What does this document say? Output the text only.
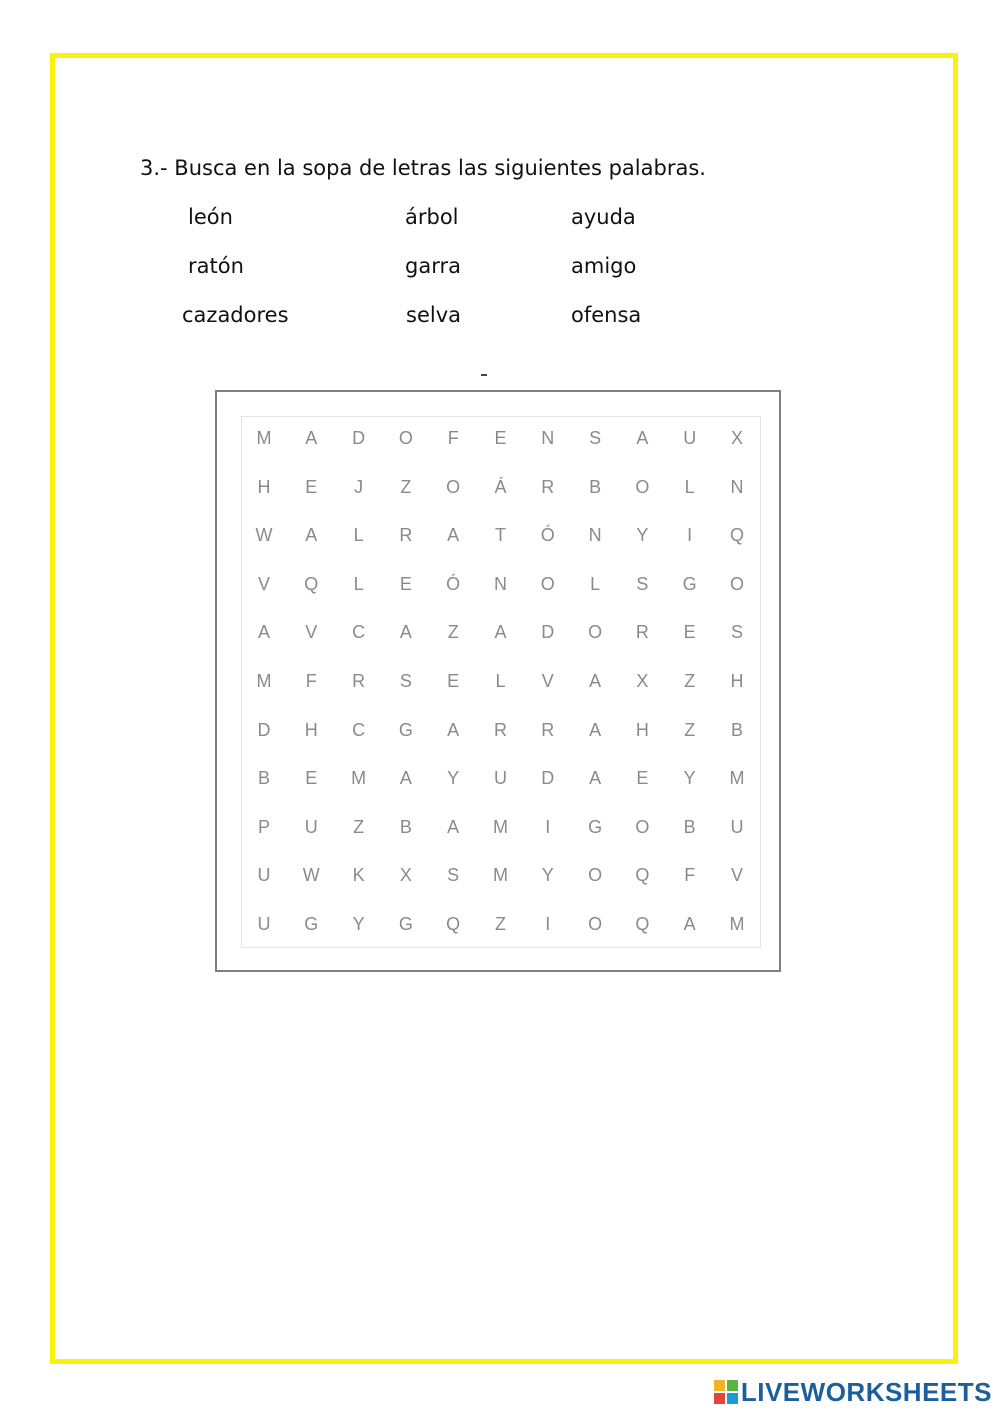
3.- Busca en la sopa de letras las siguientes palabras.
león	árbol	ayuda
ratón	garra	amigo
cazadores	selva	ofensa
M	A	D	O	F	E	N	S	A	U	X
H	E	J	Z	O	Á	R	B	O	L	N
W	A	L	R	A	T	Ó	N	Y	I	Q
V	Q	L	E	Ó	N	O	L	S	G	O
A	V	C	A	Z	A	D	O	R	E	S
M	F	R	S	E	L	V	A	X	Z	H
D	H	C	G	A	R	R	A	H	Z	B
B	E	M	A	Y	U	D	A	E	Y	M
P	U	Z	B	A	M	I	G	O	B	U
U	W	K	X	S	M	Y	O	Q	F	V
U	G	Y	G	Q	Z	I	O	Q	A	M
LIVEWORKSHEETS
